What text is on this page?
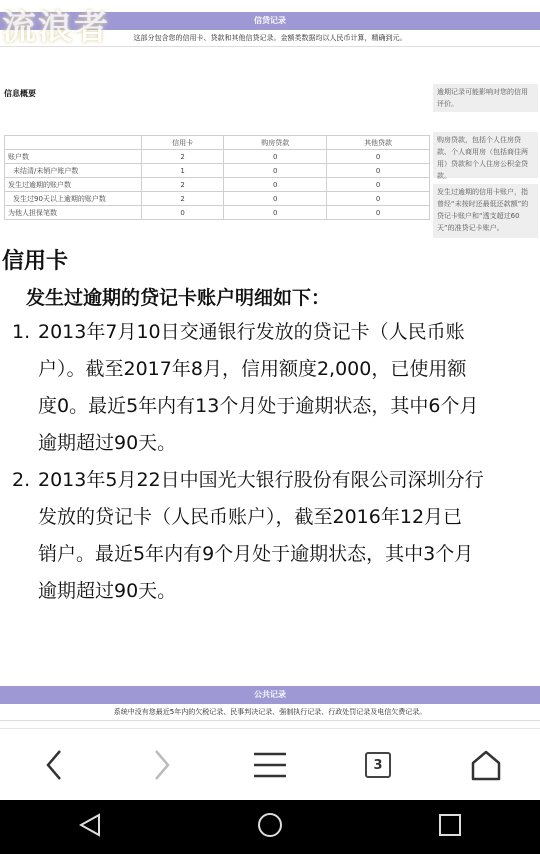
流浪者	信贷记录
这部分包含您的信用卡、贷款和其他信贷记录。金额类数据均以人民币计算，精确到元。
信息概要	逾期记录可能影响对您的信用评价。
购房贷款，包括个人住房贷款、个人商用房（包括商住两用）贷款和个人住房公积金贷款。
发生过逾期的信用卡账户，指曾经“未按时还最低还款额”的贷记卡账户和“透支超过60天”的准贷记卡账户。
	信用卡	购房贷款	其他贷款
账户数	2	0	0
未结清/未销户账户数	1	0	0
发生过逾期的账户数	2	0	0
发生过90天以上逾期的账户数	2	0	0
为他人担保笔数	0	0	0
信用卡
发生过逾期的贷记卡账户明细如下：
1. 2013年7月10日交通银行发放的贷记卡（人民币账
户）。截至2017年8月，信用额度2,000，已使用额
度0。最近5年内有13个月处于逾期状态，其中6个月
逾期超过90天。
2. 2013年5月22日中国光大银行股份有限公司深圳分行
发放的贷记卡（人民币账户），截至2016年12月已
销户。最近5年内有9个月处于逾期状态，其中3个月
逾期超过90天。
公共记录
系统中没有您最近5年内的欠税记录、民事判决记录、强制执行记录、行政处罚记录及电信欠费记录。
3
